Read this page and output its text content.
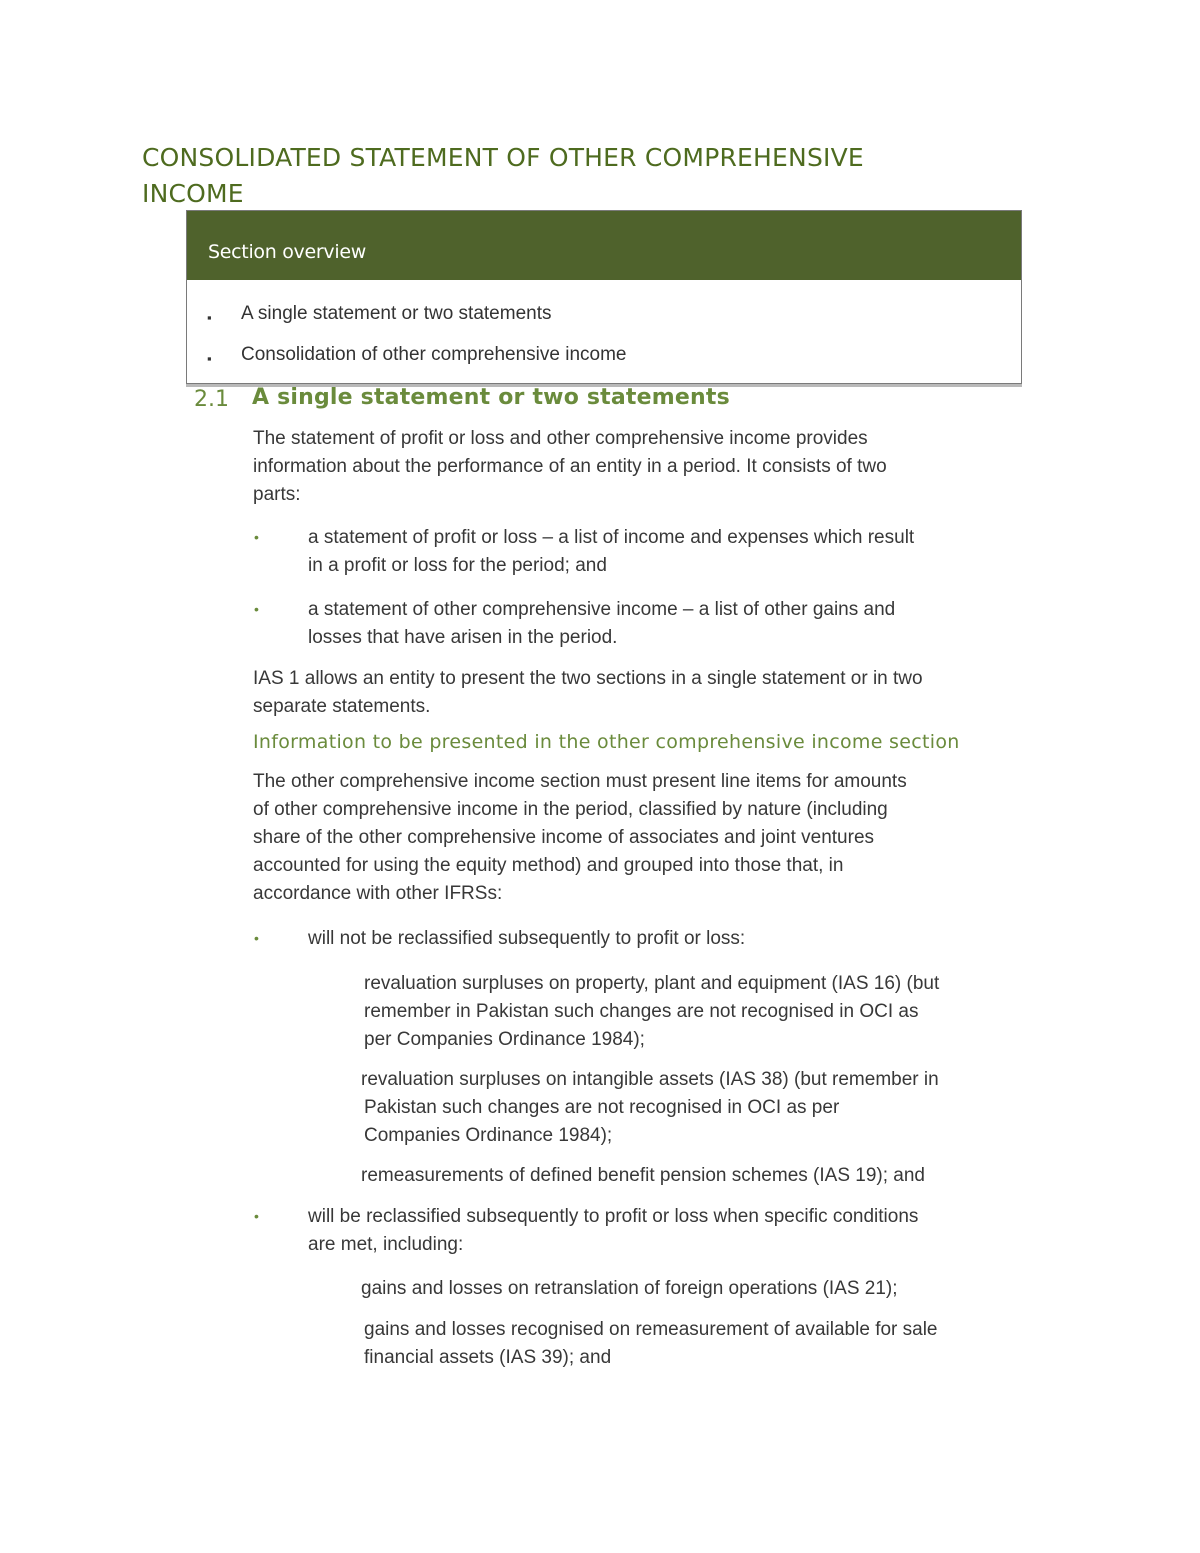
CONSOLIDATED STATEMENT OF OTHER COMPREHENSIVE
INCOME
Section overview
▪ A single statement or two statements
▪ Consolidation of other comprehensive income
2.1 A single statement or two statements
The statement of profit or loss and other comprehensive income provides
information about the performance of an entity in a period. It consists of two
parts:
•	a statement of profit or loss – a list of income and expenses which result
in a profit or loss for the period; and
•	a statement of other comprehensive income – a list of other gains and
losses that have arisen in the period.
IAS 1 allows an entity to present the two sections in a single statement or in two
separate statements.
Information to be presented in the other comprehensive income section
The other comprehensive income section must present line items for amounts
of other comprehensive income in the period, classified by nature (including
share of the other comprehensive income of associates and joint ventures
accounted for using the equity method) and grouped into those that, in
accordance with other IFRSs:
•	will not be reclassified subsequently to profit or loss:
revaluation surpluses on property, plant and equipment (IAS 16) (but
remember in Pakistan such changes are not recognised in OCI as
per Companies Ordinance 1984);
revaluation surpluses on intangible assets (IAS 38) (but remember in
Pakistan such changes are not recognised in OCI as per
Companies Ordinance 1984);
remeasurements of defined benefit pension schemes (IAS 19); and
•	will be reclassified subsequently to profit or loss when specific conditions
are met, including:
gains and losses on retranslation of foreign operations (IAS 21);
gains and losses recognised on remeasurement of available for sale
financial assets (IAS 39); and
